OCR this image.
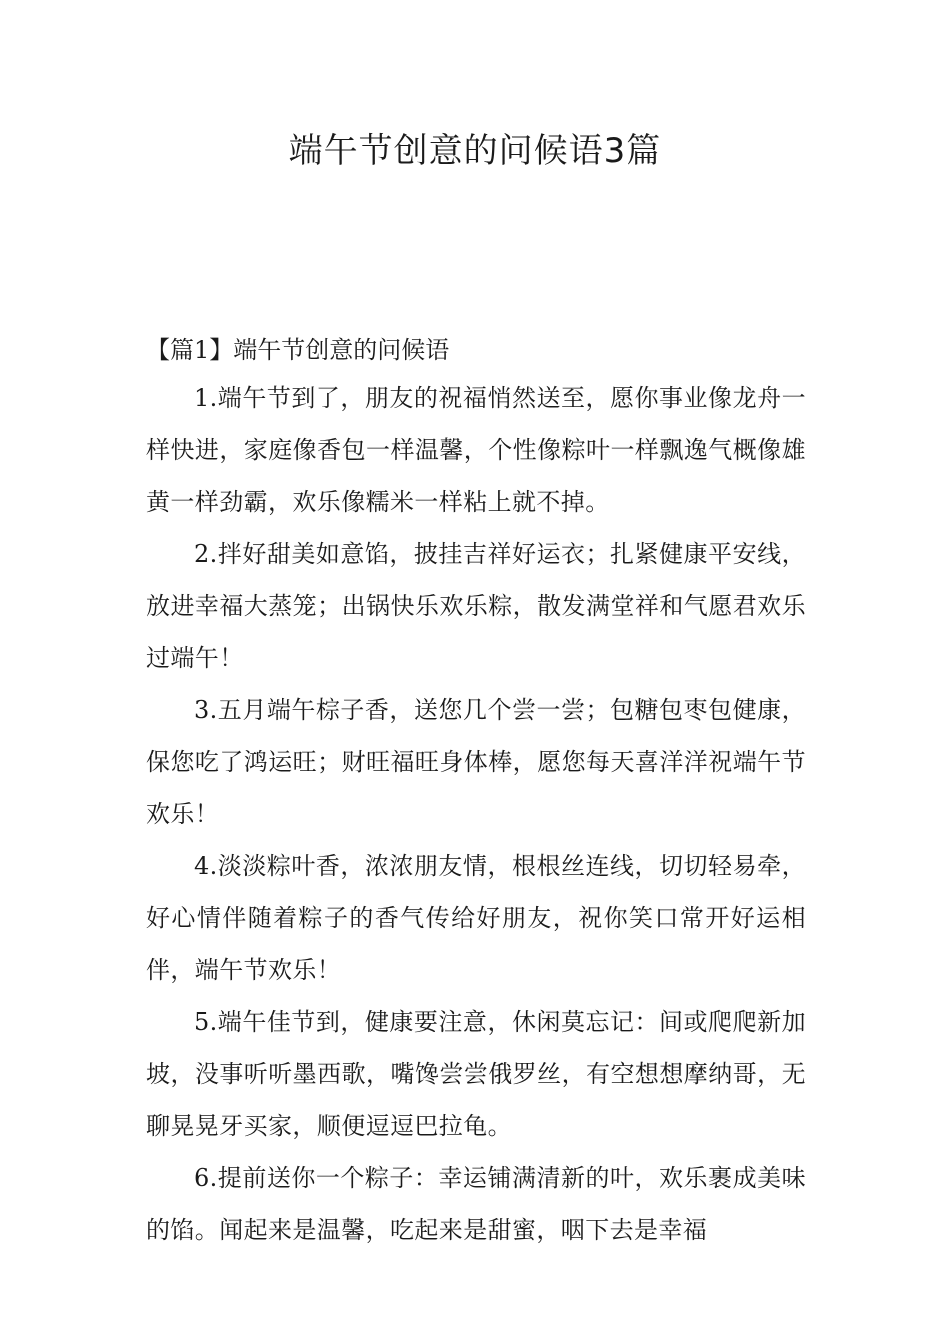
端午节创意的问候语3篇
【篇1】端午节创意的问候语

1.端午节到了，朋友的祝福悄然送至，愿你事业像龙舟一样快进，家庭像香包一样温馨，个性像粽叶一样飘逸气概像雄黄一样劲霸，欢乐像糯米一样粘上就不掉。

2.拌好甜美如意馅，披挂吉祥好运衣；扎紧健康平安线，放进幸福大蒸笼；出锅快乐欢乐粽，散发满堂祥和气愿君欢乐过端午！

3.五月端午棕子香，送您几个尝一尝；包糖包枣包健康，保您吃了鸿运旺；财旺福旺身体棒，愿您每天喜洋洋祝端午节欢乐！

4.淡淡粽叶香，浓浓朋友情，根根丝连线，切切轻易牵，好心情伴随着粽子的香气传给好朋友，祝你笑口常开好运相伴，端午节欢乐！

5.端午佳节到，健康要注意，休闲莫忘记：间或爬爬新加坡，没事听听墨西歌，嘴馋尝尝俄罗丝，有空想想摩纳哥，无聊晃晃牙买家，顺便逗逗巴拉龟。

6.提前送你一个粽子：幸运铺满清新的叶，欢乐裹成美味的馅。闻起来是温馨，吃起来是甜蜜，咽下去是幸福
